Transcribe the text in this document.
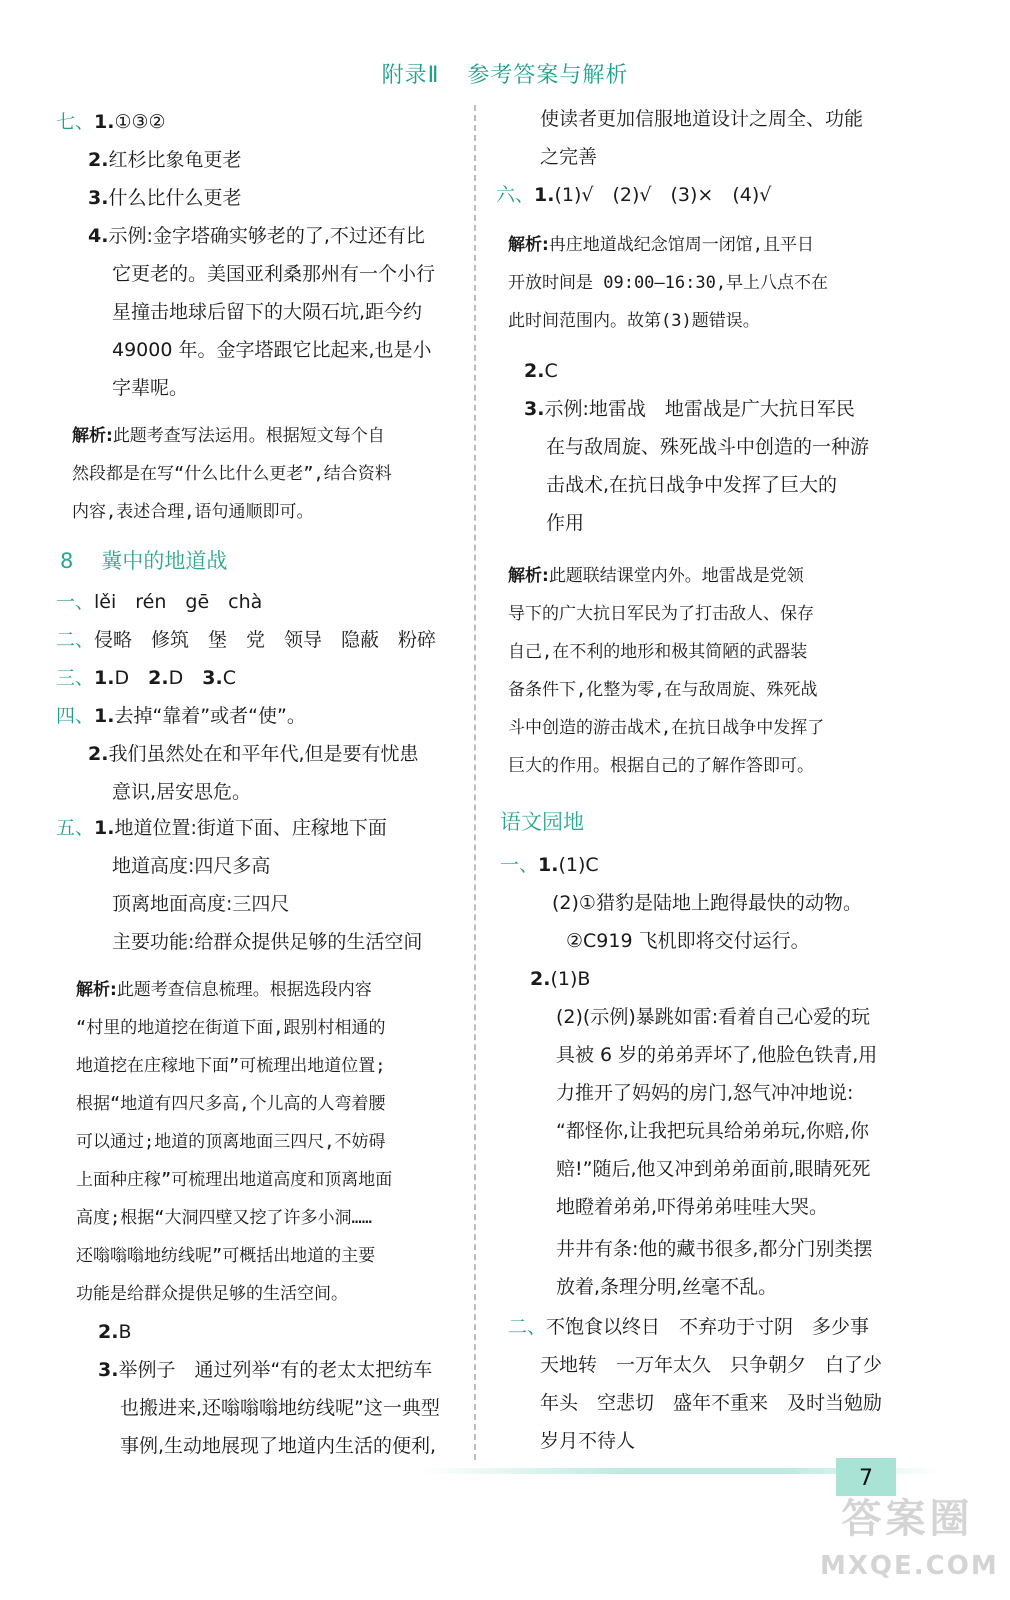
附录Ⅱ 参考答案与解析
七、1.①③②
2.红杉比象龟更老
3.什么比什么更老
4.示例:金字塔确实够老的了,不过还有比
它更老的。美国亚利桑那州有一个小行
星撞击地球后留下的大陨石坑,距今约
49000 年。金字塔跟它比起来,也是小
字辈呢。
解析:此题考查写法运用。根据短文每个自
然段都是在写“什么比什么更老”,结合资料
内容,表述合理,语句通顺即可。
8 冀中的地道战
一、lěi　rén　gē　chà
二、侵略　修筑　堡　党　领导　隐蔽　粉碎
三、1.D　 2.D　 3.C
四、1.去掉“靠着”或者“使”。
2.我们虽然处在和平年代,但是要有忧患
意识,居安思危。
五、1.地道位置:街道下面、庄稼地下面
地道高度:四尺多高
顶离地面高度:三四尺
主要功能:给群众提供足够的生活空间
解析:此题考查信息梳理。根据选段内容
“村里的地道挖在街道下面,跟别村相通的
地道挖在庄稼地下面”可梳理出地道位置;
根据“地道有四尺多高,个儿高的人弯着腰
可以通过;地道的顶离地面三四尺,不妨碍
上面种庄稼”可梳理出地道高度和顶离地面
高度;根据“大洞四壁又挖了许多小洞……
还嗡嗡嗡地纺线呢”可概括出地道的主要
功能是给群众提供足够的生活空间。
2.B
3.举例子　通过列举“有的老太太把纺车
也搬进来,还嗡嗡嗡地纺线呢”这一典型
事例,生动地展现了地道内生活的便利,
使读者更加信服地道设计之周全、功能
之完善
六、1.(1)√　(2)√　(3)×　(4)√
解析:冉庄地道战纪念馆周一闭馆,且平日
开放时间是 09:00—16:30,早上八点不在
此时间范围内。故第(3)题错误。
2.C
3.示例:地雷战　地雷战是广大抗日军民
在与敌周旋、殊死战斗中创造的一种游
击战术,在抗日战争中发挥了巨大的
作用
解析:此题联结课堂内外。地雷战是党领
导下的广大抗日军民为了打击敌人、保存
自己,在不利的地形和极其简陋的武器装
备条件下,化整为零,在与敌周旋、殊死战
斗中创造的游击战术,在抗日战争中发挥了
巨大的作用。根据自己的了解作答即可。
语文园地
一、1.(1)C
(2)①猎豹是陆地上跑得最快的动物。
②C919 飞机即将交付运行。
2.(1)B
(2)(示例)暴跳如雷:看着自己心爱的玩
具被 6 岁的弟弟弄坏了,他脸色铁青,用
力推开了妈妈的房门,怒气冲冲地说:
“都怪你,让我把玩具给弟弟玩,你赔,你
赔!”随后,他又冲到弟弟面前,眼睛死死
地瞪着弟弟,吓得弟弟哇哇大哭。
井井有条:他的藏书很多,都分门别类摆
放着,条理分明,丝毫不乱。
二、不饱食以终日　不弃功于寸阴　多少事
天地转　一万年太久　只争朝夕　白了少
年头　空悲切　盛年不重来　及时当勉励
岁月不待人
7
答案圈
MXQE.COM
